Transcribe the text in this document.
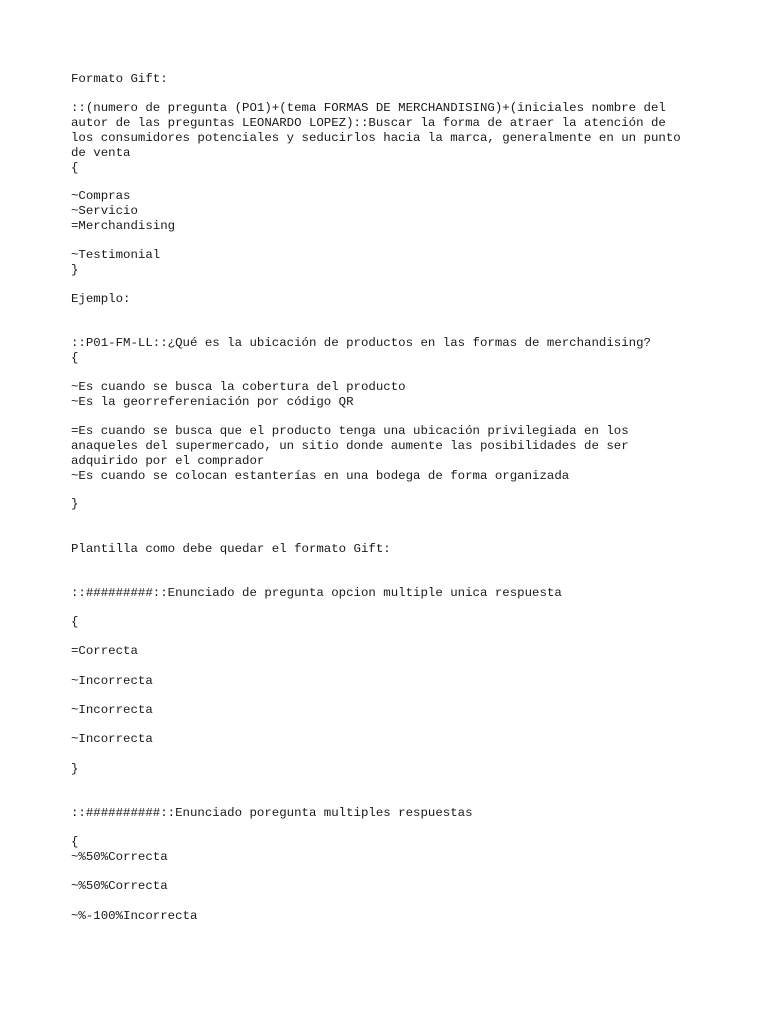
Formato Gift:

::(numero de pregunta (PO1)+(tema FORMAS DE MERCHANDISING)+(iniciales nombre del

autor de las preguntas LEONARDO LOPEZ)::Buscar la forma de atraer la atención de

los consumidores potenciales y seducirlos hacia la marca, generalmente en un punto

de venta

{

~Compras

~Servicio

=Merchandising

~Testimonial

}

Ejemplo:

::P01-FM-LL::¿Qué es la ubicación de productos en las formas de merchandising?

{

~Es cuando se busca la cobertura del producto

~Es la georrefereniación por código QR

=Es cuando se busca que el producto tenga una ubicación privilegiada en los

anaqueles del supermercado, un sitio donde aumente las posibilidades de ser

adquirido por el comprador

~Es cuando se colocan estanterías en una bodega de forma organizada

}

Plantilla como debe quedar el formato Gift:

::#########::Enunciado de pregunta opcion multiple unica respuesta

{

=Correcta

~Incorrecta

~Incorrecta

~Incorrecta

}

::##########::Enunciado poregunta multiples respuestas

{

~%50%Correcta

~%50%Correcta

~%-100%Incorrecta
